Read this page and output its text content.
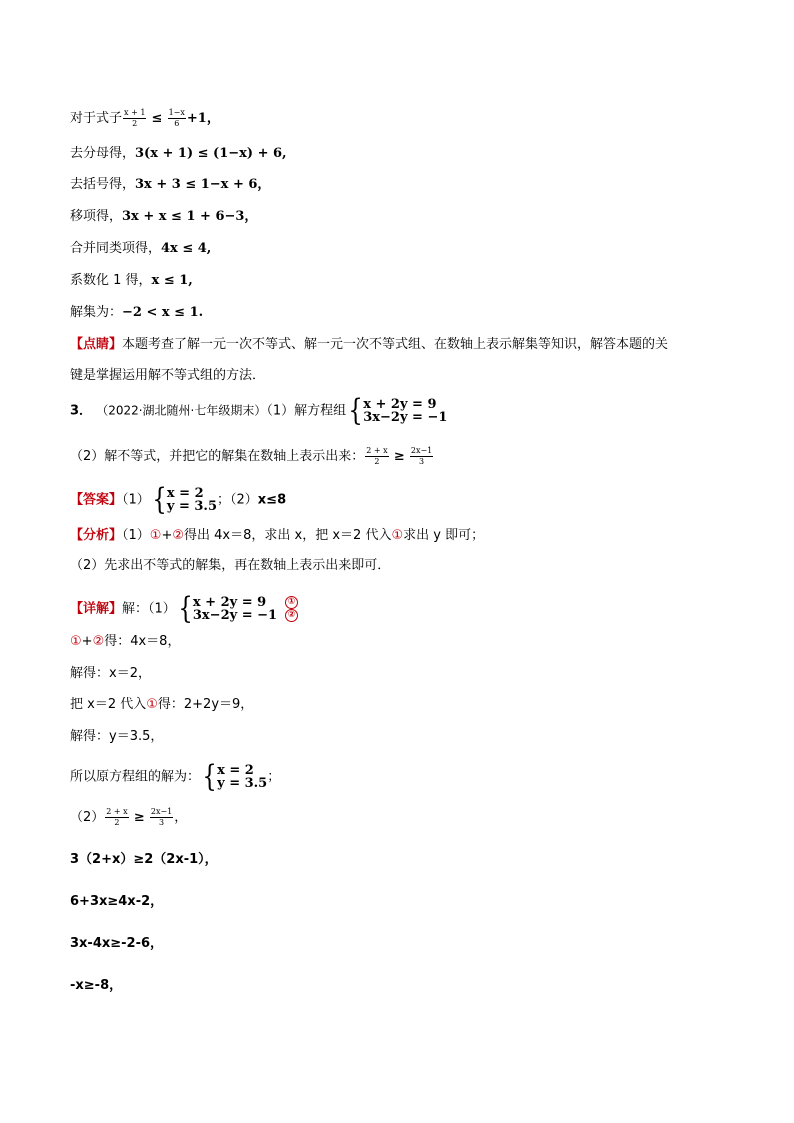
对于式子 $\frac{x + 1}{2} \le \frac{1-x}{6} +1$，
去分母得，3(x + 1) ≤ (1−x) + 6,
去括号得，3x + 3 ≤ 1−x + 6，
移项得，3x + x ≤ 1 + 6−3，
合并同类项得，4x ≤ 4,
系数化 1 得，x ≤ 1,
解集为：−2 < x ≤ 1.
【点睛】本题考查了解一元一次不等式、解一元一次不等式组、在数轴上表示解集等知识，解答本题的关
键是掌握运用解不等式组的方法．
3． （2022·湖北随州·七年级期末）（1）解方程组 { x + 2y = 9
3x−2y = −1
（2）解不等式，并把它的解集在数轴上表示出来： $\frac{2 + x}{2} \ge \frac{2x-1}{3}$
【答案】（1） { x = 2
y = 3.5 ；（2）x≤8
【分析】（1）①+②得出 4x＝8，求出 x，把 x＝2 代入①求出 y 即可；
（2）先求出不等式的解集，再在数轴上表示出来即可．
【详解】解：（1） { x + 2y = 9
3x−2y = −1
①
②
①+②得：4x＝8，
解得：x＝2，
把 x＝2 代入①得：2+2y＝9，
解得：y＝3.5，
所以原方程组的解为： { x = 2
y = 3.5 ；
$(2) \frac{2 + x}{2} \ge \frac{2x-1}{3}$ ，
3（2+x）≥2（2x-1），
6+3x≥4x-2，
3x-4x≥-2-6，
-x≥-8，
